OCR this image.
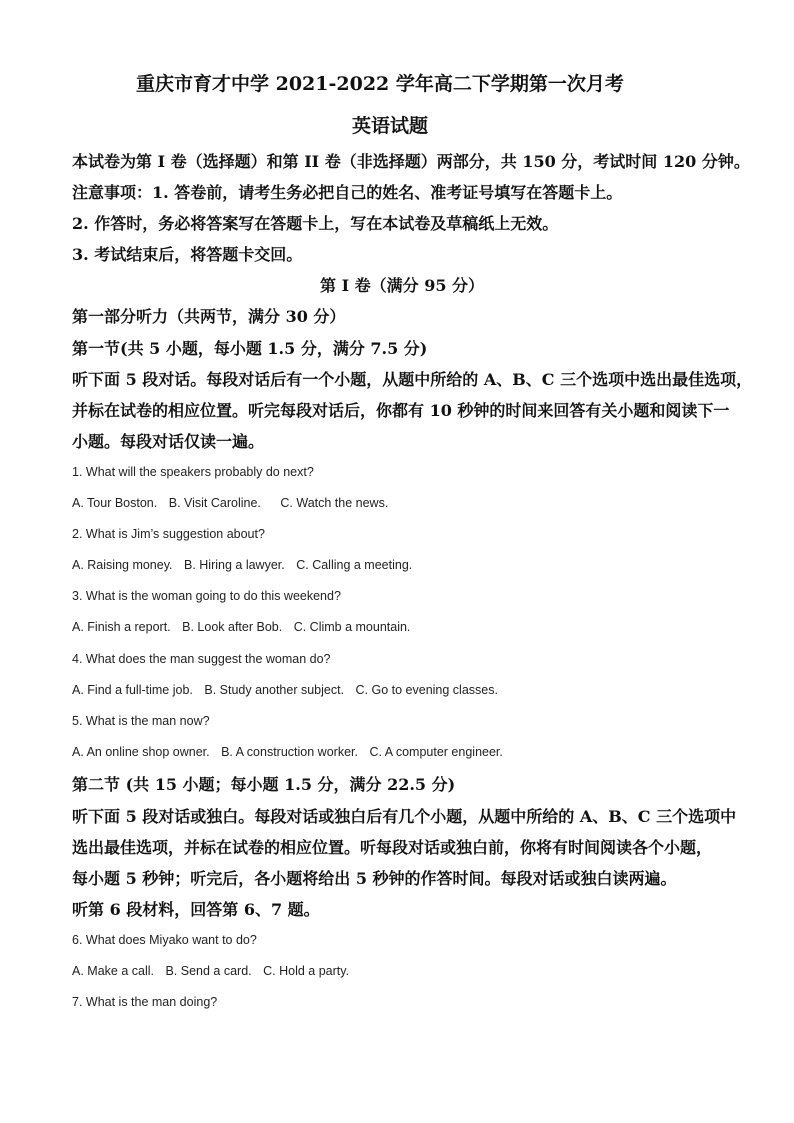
重庆市育才中学 2021-2022 学年高二下学期第一次月考
英语试题
本试卷为第 I 卷（选择题）和第 II 卷（非选择题）两部分，共 150 分，考试时间 120 分钟。
注意事项：1. 答卷前，请考生务必把自己的姓名、准考证号填写在答题卡上。
2. 作答时，务必将答案写在答题卡上，写在本试卷及草稿纸上无效。
3. 考试结束后，将答题卡交回。
第 I 卷（满分 95 分）
第一部分听力（共两节，满分 30 分）
第一节(共 5 小题，每小题 1.5 分，满分 7.5 分)
听下面 5 段对话。每段对话后有一个小题，从题中所给的 A、B、C 三个选项中选出最佳选项，
并标在试卷的相应位置。听完每段对话后，你都有 10 秒钟的时间来回答有关小题和阅读下一
小题。每段对话仅读一遍。
1. What will the speakers probably do next?
A. Tour Boston. B. Visit Caroline. C. Watch the news.
2. What is Jim’s suggestion about?
A. Raising money. B. Hiring a lawyer. C. Calling a meeting.
3. What is the woman going to do this weekend?
A. Finish a report. B. Look after Bob. C. Climb a mountain.
4. What does the man suggest the woman do?
A. Find a full-time job. B. Study another subject. C. Go to evening classes.
5. What is the man now?
A. An online shop owner. B. A construction worker. C. A computer engineer.
第二节 (共 15 小题；每小题 1.5 分，满分 22.5 分)
听下面 5 段对话或独白。每段对话或独白后有几个小题，从题中所给的 A、B、C 三个选项中
选出最佳选项，并标在试卷的相应位置。听每段对话或独白前，你将有时间阅读各个小题，
每小题 5 秒钟；听完后，各小题将给出 5 秒钟的作答时间。每段对话或独白读两遍。
听第 6 段材料，回答第 6、7 题。
6. What does Miyako want to do?
A. Make a call. B. Send a card. C. Hold a party.
7. What is the man doing?
